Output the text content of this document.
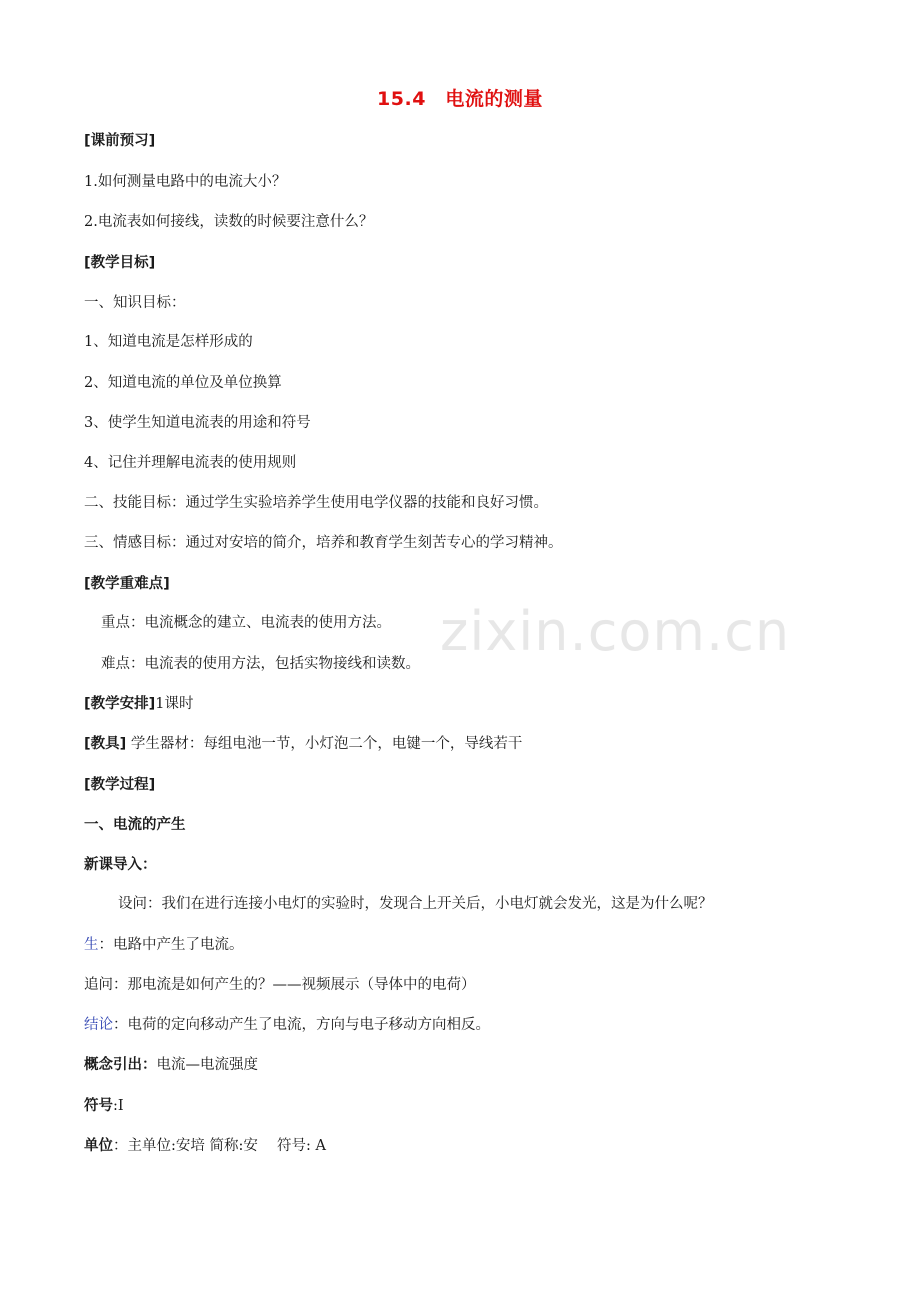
zixin.com.cn
15.4　电流的测量
[课前预习]
1.如何测量电路中的电流大小？
2.电流表如何接线，读数的时候要注意什么？
[教学目标]
一、知识目标：
1、知道电流是怎样形成的
2、知道电流的单位及单位换算
3、使学生知道电流表的用途和符号
4、记住并理解电流表的使用规则
二、技能目标：通过学生实验培养学生使用电学仪器的技能和良好习惯。
三、情感目标：通过对安培的简介，培养和教育学生刻苦专心的学习精神。
[教学重难点]
重点：电流概念的建立、电流表的使用方法。
难点：电流表的使用方法，包括实物接线和读数。
[教学安排]1课时
[教具] 学生器材：每组电池一节，小灯泡二个，电键一个，导线若干
[教学过程]
一、电流的产生
新课导入：
设问：我们在进行连接小电灯的实验时，发现合上开关后，小电灯就会发光，这是为什么呢？
生：电路中产生了电流。
追问：那电流是如何产生的？——视频展示（导体中的电荷）
结论：电荷的定向移动产生了电流，方向与电子移动方向相反。
概念引出：电流—电流强度
符号:I
单位：主单位:安培 简称:安　 符号: A
